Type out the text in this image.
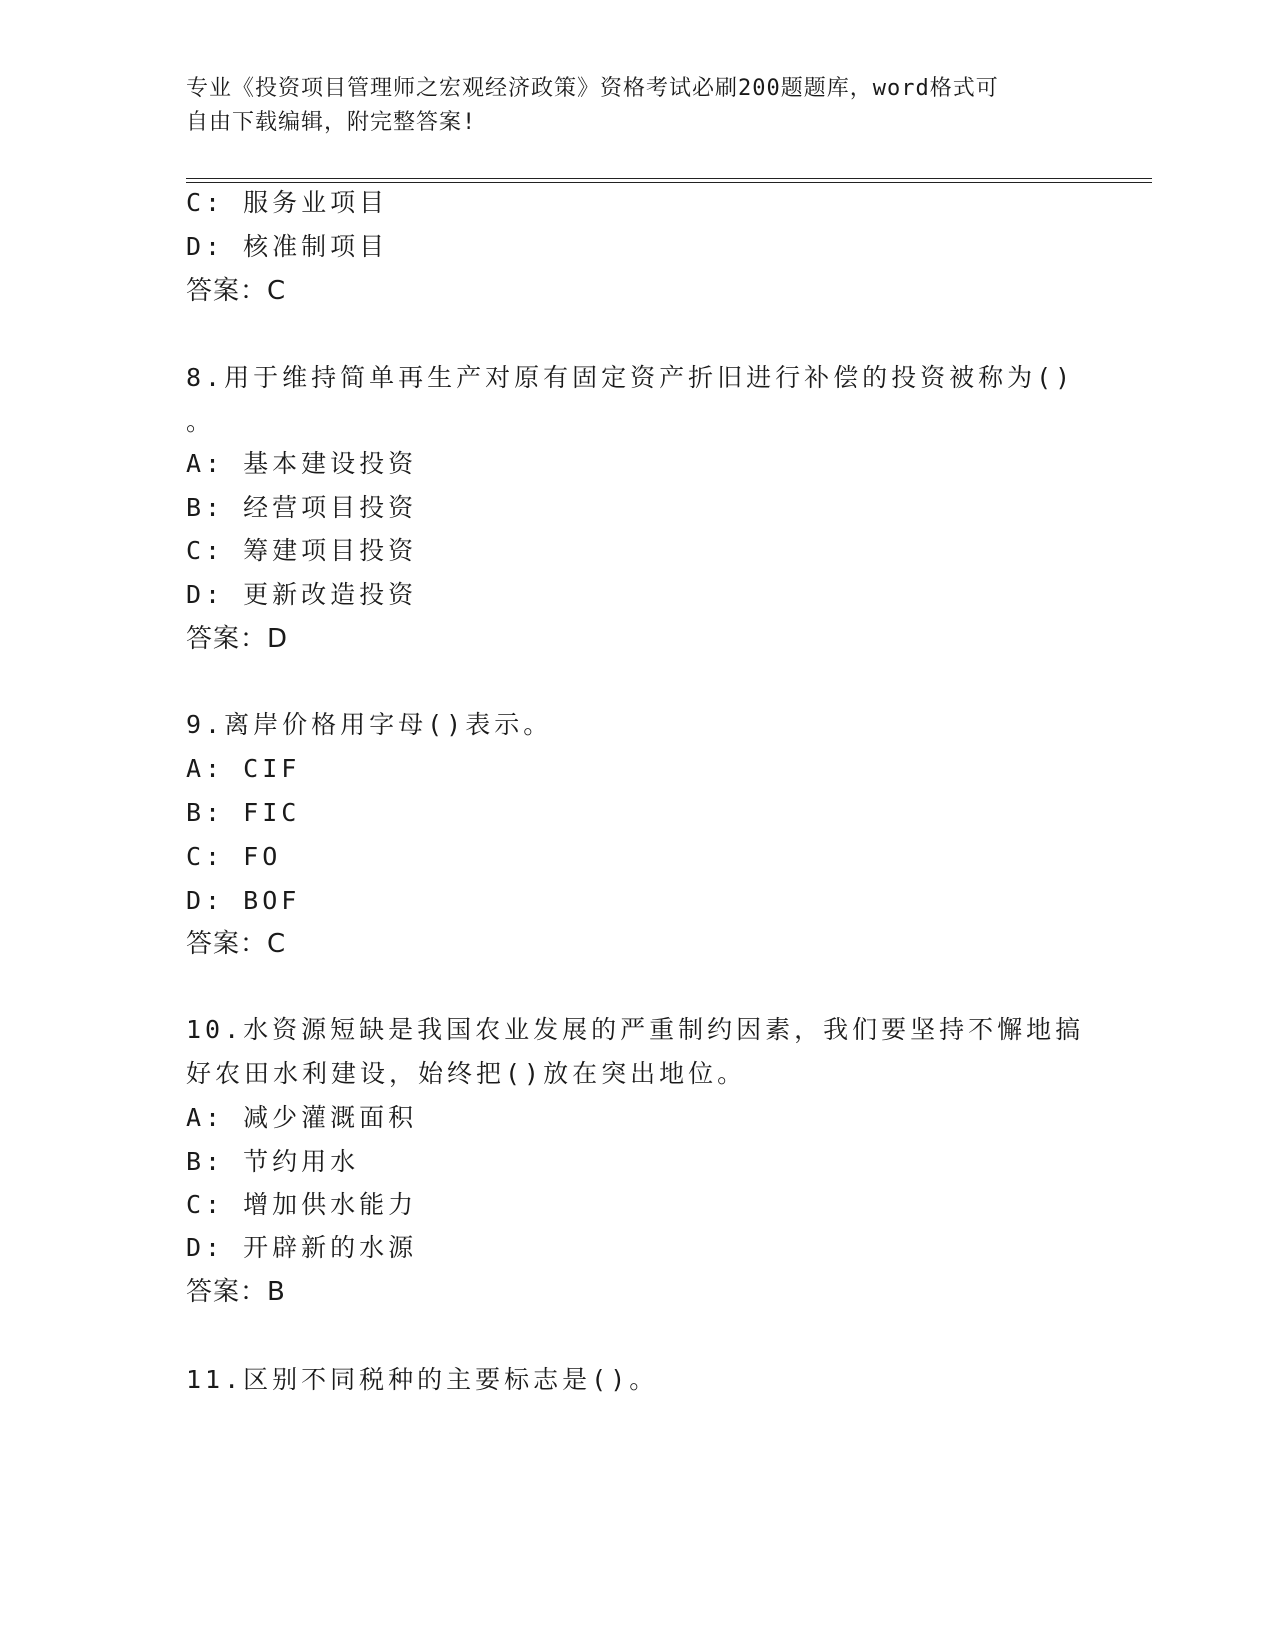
专业《投资项目管理师之宏观经济政策》资格考试必刷200题题库，word格式可
自由下载编辑，附完整答案!
C: 服务业项目
D: 核准制项目
答案：C
8.用于维持简单再生产对原有固定资产折旧进行补偿的投资被称为()
。
A: 基本建设投资
B: 经营项目投资
C: 筹建项目投资
D: 更新改造投资
答案：D
9.离岸价格用字母()表示。
A: CIF
B: FIC
C: FO
D: BOF
答案：C
10.水资源短缺是我国农业发展的严重制约因素，我们要坚持不懈地搞
好农田水利建设，始终把()放在突出地位。
A: 减少灌溉面积
B: 节约用水
C: 增加供水能力
D: 开辟新的水源
答案：B
11.区别不同税种的主要标志是()。
